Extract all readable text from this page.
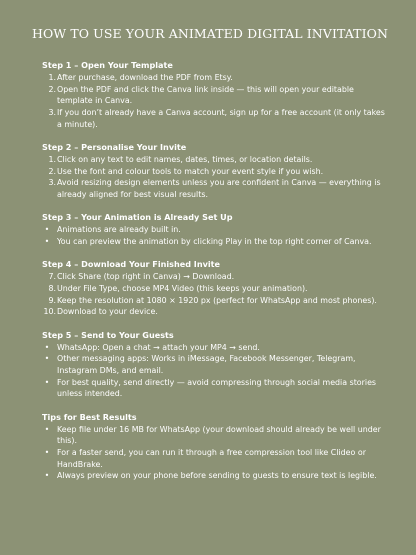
HOW TO USE YOUR ANIMATED DIGITAL INVITATION
Step 1 – Open Your Template
1. After purchase, download the PDF from Etsy.
2. Open the PDF and click the Canva link inside — this will open your editable template in Canva.
3. If you don’t already have a Canva account, sign up for a free account (it only takes a minute).
Step 2 – Personalise Your Invite
1. Click on any text to edit names, dates, times, or location details.
2. Use the font and colour tools to match your event style if you wish.
3. Avoid resizing design elements unless you are confident in Canva — everything is already aligned for best visual results.
Step 3 – Your Animation is Already Set Up
• Animations are already built in.
• You can preview the animation by clicking Play in the top right corner of Canva.
Step 4 – Download Your Finished Invite
7. Click Share (top right in Canva) → Download.
8. Under File Type, choose MP4 Video (this keeps your animation).
9. Keep the resolution at 1080 × 1920 px (perfect for WhatsApp and most phones).
10. Download to your device.
Step 5 – Send to Your Guests
• WhatsApp: Open a chat → attach your MP4 → send.
• Other messaging apps: Works in iMessage, Facebook Messenger, Telegram, Instagram DMs, and email.
• For best quality, send directly — avoid compressing through social media stories unless intended.
Tips for Best Results
• Keep file under 16 MB for WhatsApp (your download should already be well under this).
• For a faster send, you can run it through a free compression tool like Clideo or HandBrake.
• Always preview on your phone before sending to guests to ensure text is legible.
